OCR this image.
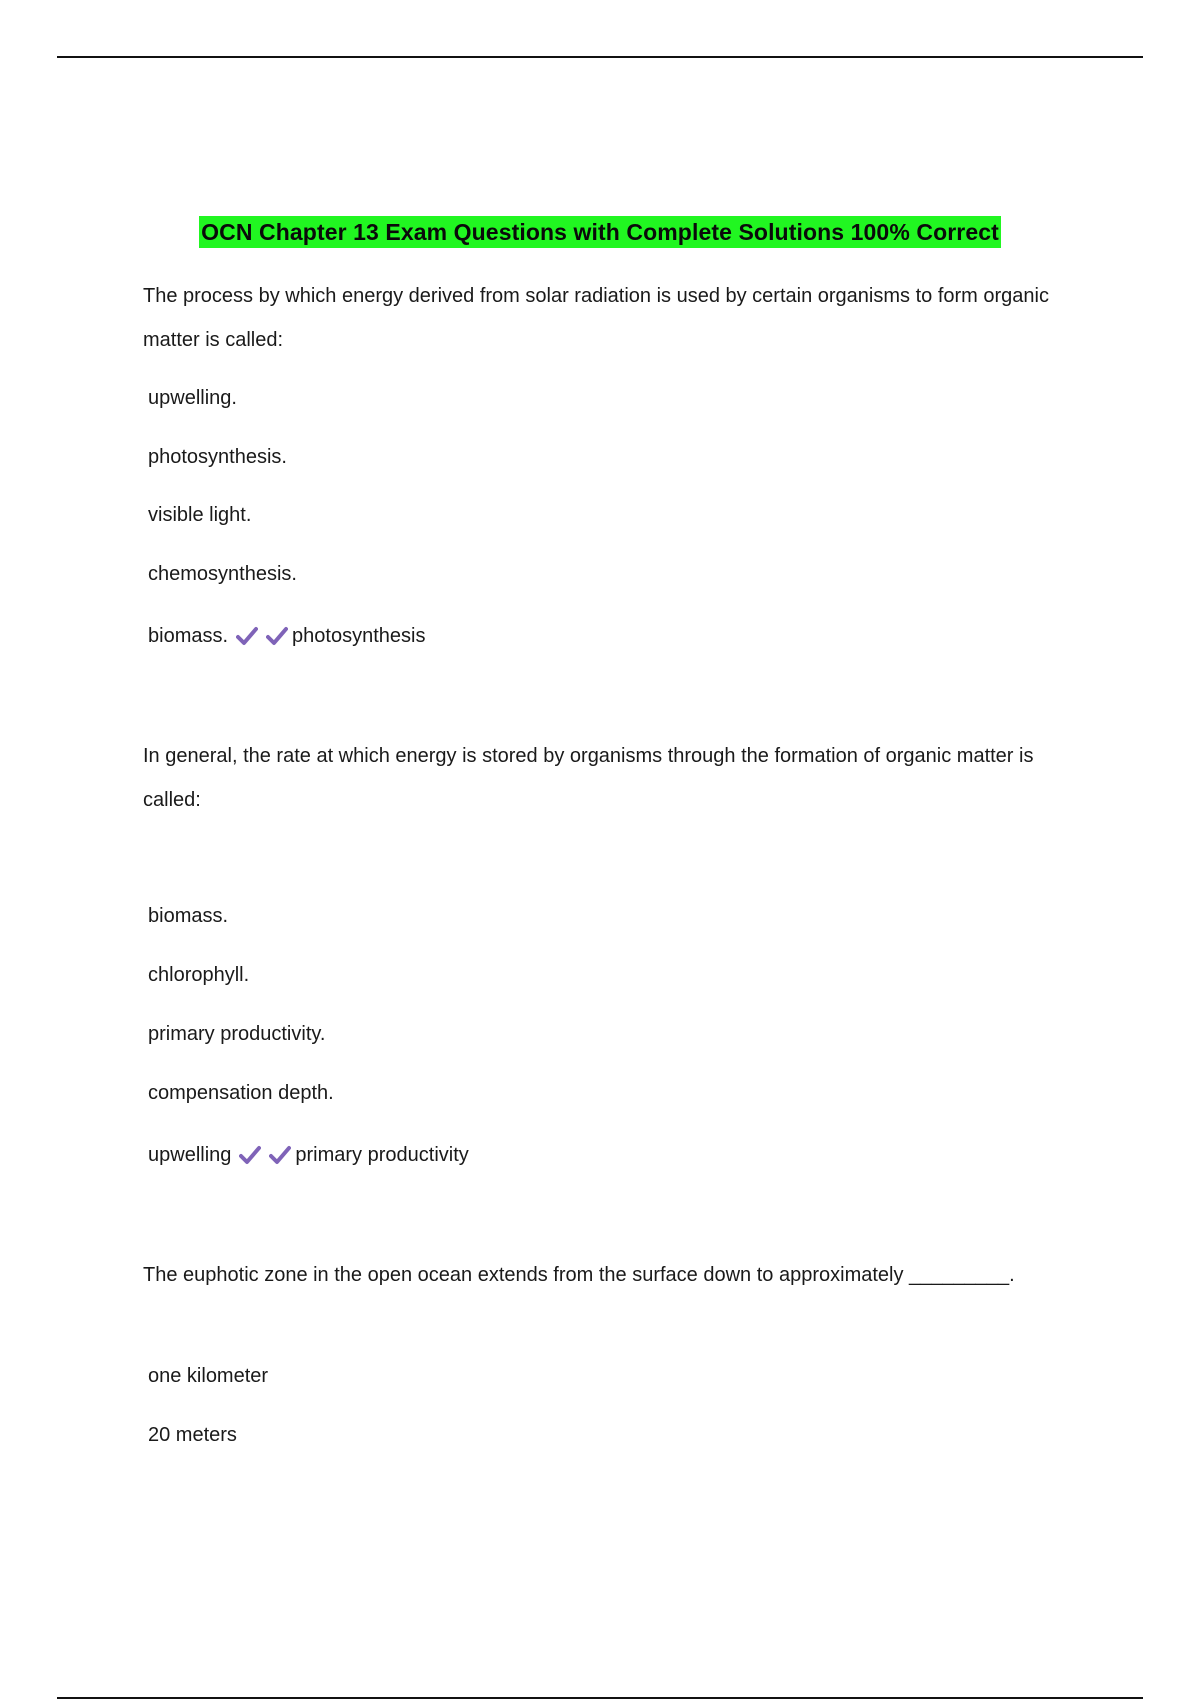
OCN Chapter 13 Exam Questions with Complete Solutions 100% Correct

The process by which energy derived from solar radiation is used by certain organisms to form organic matter is called:

upwelling.
photosynthesis.
visible light.
chemosynthesis.
biomass.	photosynthesis

In general, the rate at which energy is stored by organisms through the formation of organic matter is called:

biomass.
chlorophyll.
primary productivity.
compensation depth.
upwelling	primary productivity

The euphotic zone in the open ocean extends from the surface down to approximately _________.

one kilometer
20 meters
